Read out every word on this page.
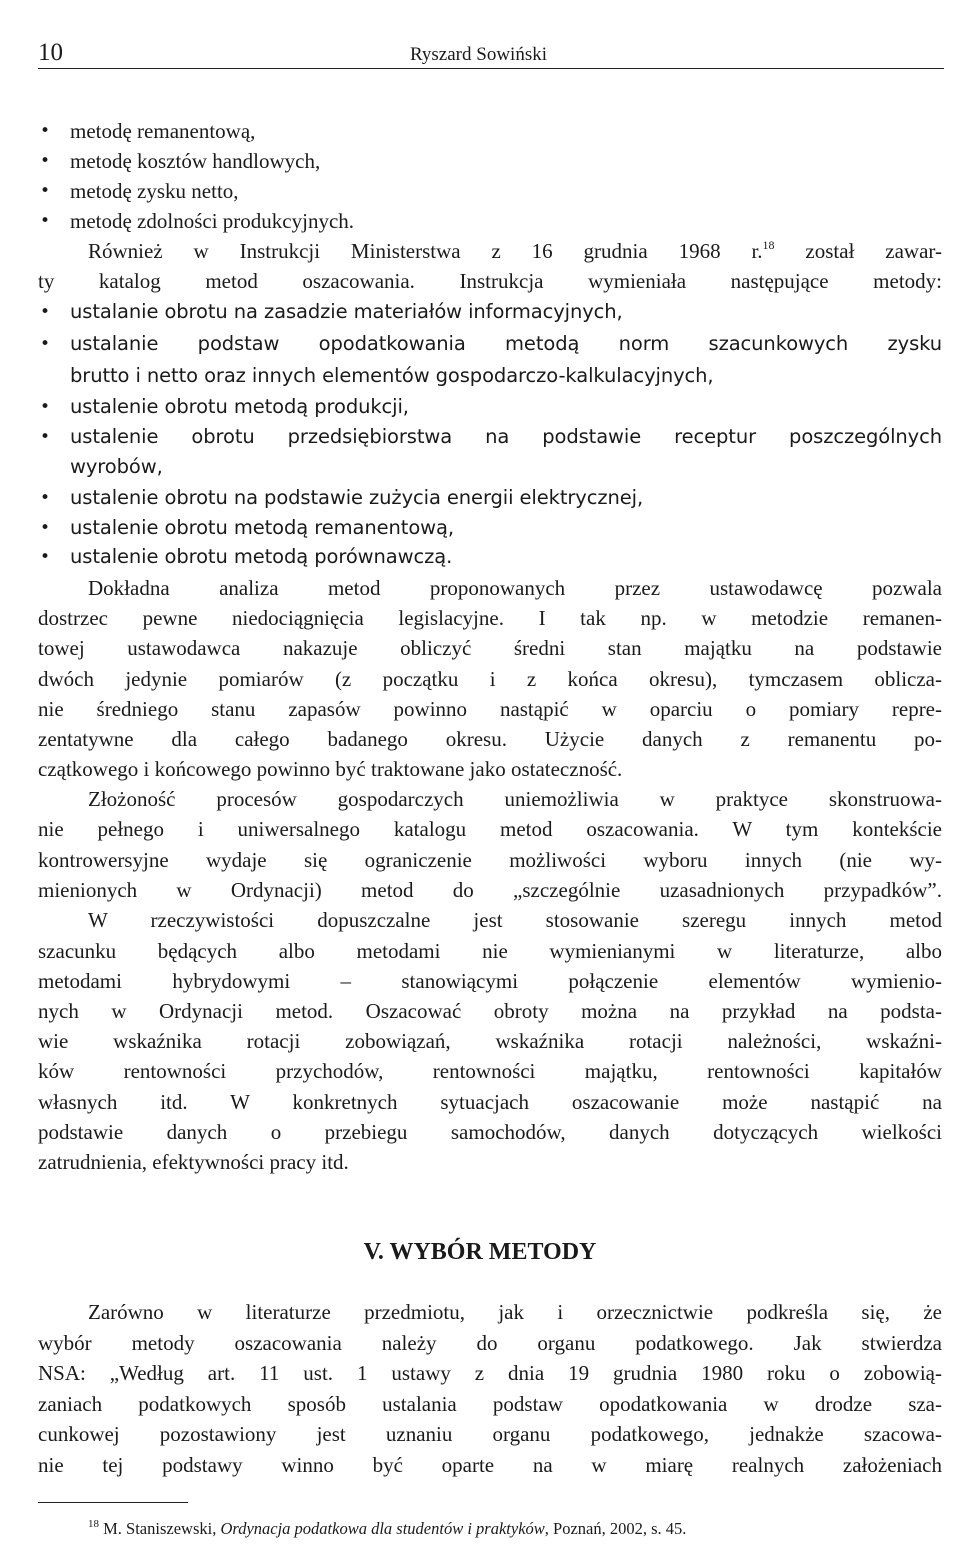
10	Ryszard Sowiński
• metodę remanentową,
• metodę kosztów handlowych,
• metodę zysku netto,
• metodę zdolności produkcyjnych.
Również w Instrukcji Ministerstwa z 16 grudnia 1968 r.$^{18}$ został zawar-
ty katalog metod oszacowania. Instrukcja wymieniała następujące metody:
• ustalanie obrotu na zasadzie materiałów informacyjnych,
• ustalanie podstaw opodatkowania metodą norm szacunkowych zysku
brutto i netto oraz innych elementów gospodarczo-kalkulacyjnych,
• ustalenie obrotu metodą produkcji,
• ustalenie obrotu przedsiębiorstwa na podstawie receptur poszczególnych
wyrobów,
• ustalenie obrotu na podstawie zużycia energii elektrycznej,
• ustalenie obrotu metodą remanentową,
• ustalenie obrotu metodą porównawczą.
Dokładna analiza metod proponowanych przez ustawodawcę pozwala
dostrzec pewne niedociągnięcia legislacyjne. I tak np. w metodzie remanen-
towej ustawodawca nakazuje obliczyć średni stan majątku na podstawie
dwóch jedynie pomiarów (z początku i z końca okresu), tymczasem oblicza-
nie średniego stanu zapasów powinno nastąpić w oparciu o pomiary repre-
zentatywne dla całego badanego okresu. Użycie danych z remanentu po-
czątkowego i końcowego powinno być traktowane jako ostateczność.
Złożoność procesów gospodarczych uniemożliwia w praktyce skonstruowa-
nie pełnego i uniwersalnego katalogu metod oszacowania. W tym kontekście
kontrowersyjne wydaje się ograniczenie możliwości wyboru innych (nie wy-
mienionych w Ordynacji) metod do „szczególnie uzasadnionych przypadków”.
W rzeczywistości dopuszczalne jest stosowanie szeregu innych metod
szacunku będących albo metodami nie wymienianymi w literaturze, albo
metodami hybrydowymi – stanowiącymi połączenie elementów wymienio-
nych w Ordynacji metod. Oszacować obroty można na przykład na podsta-
wie wskaźnika rotacji zobowiązań, wskaźnika rotacji należności, wskaźni-
ków rentowności przychodów, rentowności majątku, rentowności kapitałów
własnych itd. W konkretnych sytuacjach oszacowanie może nastąpić na
podstawie danych o przebiegu samochodów, danych dotyczących wielkości
zatrudnienia, efektywności pracy itd.
V. WYBÓR METODY
Zarówno w literaturze przedmiotu, jak i orzecznictwie podkreśla się, że
wybór metody oszacowania należy do organu podatkowego. Jak stwierdza
NSA: „Według art. 11 ust. 1 ustawy z dnia 19 grudnia 1980 roku o zobowią-
zaniach podatkowych sposób ustalania podstaw opodatkowania w drodze sza-
cunkowej pozostawiony jest uznaniu organu podatkowego, jednakże szacowa-
nie tej podstawy winno być oparte na w miarę realnych założeniach
$^{18}$ M. Staniszewski, Ordynacja podatkowa dla studentów i praktyków, Poznań, 2002, s. 45.
